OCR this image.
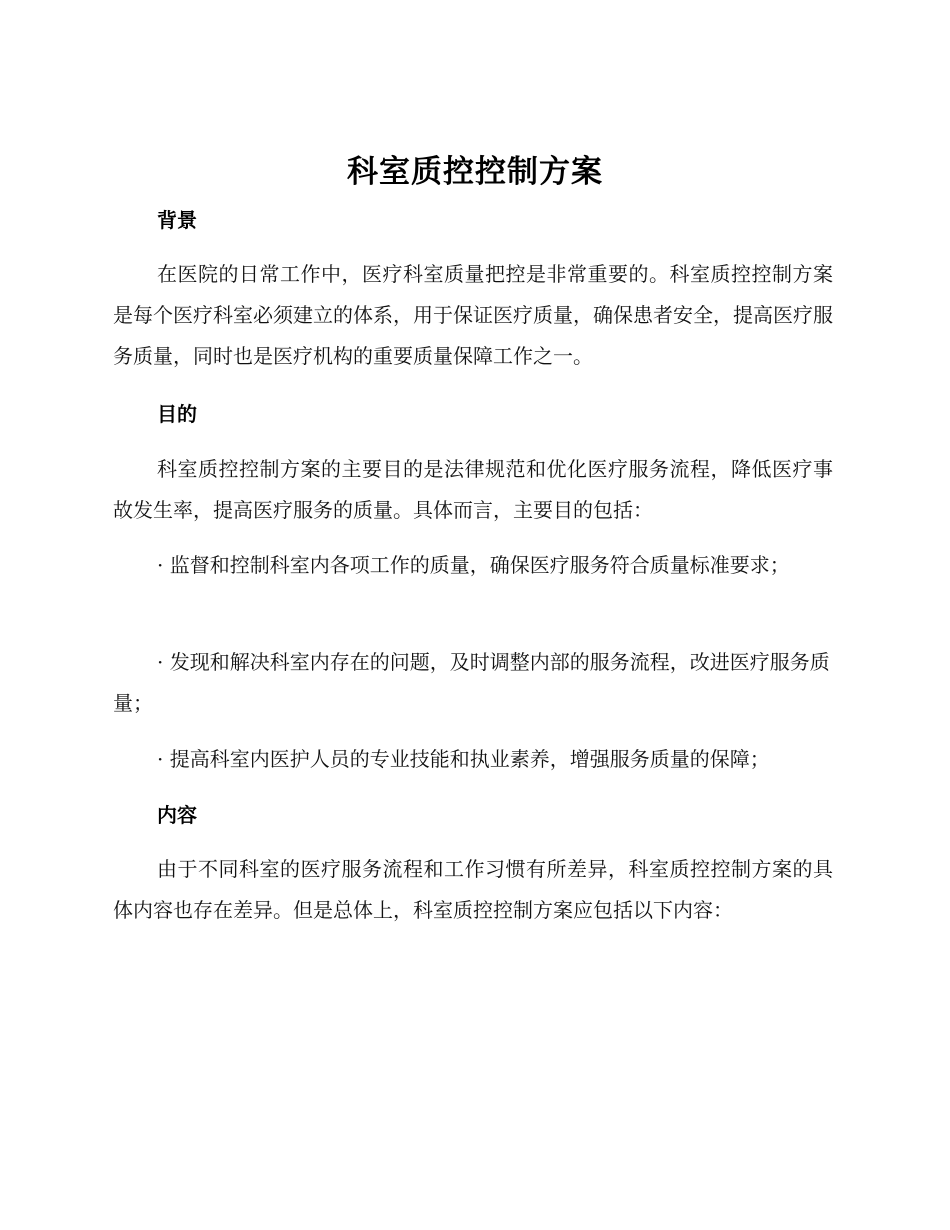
科室质控控制方案
背景
在医院的日常工作中，医疗科室质量把控是非常重要的。科室质控控制方案是每个医疗科室必须建立的体系，用于保证医疗质量，确保患者安全，提高医疗服务质量，同时也是医疗机构的重要质量保障工作之一。
目的
科室质控控制方案的主要目的是法律规范和优化医疗服务流程，降低医疗事故发生率，提高医疗服务的质量。具体而言，主要目的包括：
· 监督和控制科室内各项工作的质量，确保医疗服务符合质量标准要求；
· 发现和解决科室内存在的问题，及时调整内部的服务流程，改进医疗服务质量；
· 提高科室内医护人员的专业技能和执业素养，增强服务质量的保障；
内容
由于不同科室的医疗服务流程和工作习惯有所差异，科室质控控制方案的具体内容也存在差异。但是总体上，科室质控控制方案应包括以下内容：
